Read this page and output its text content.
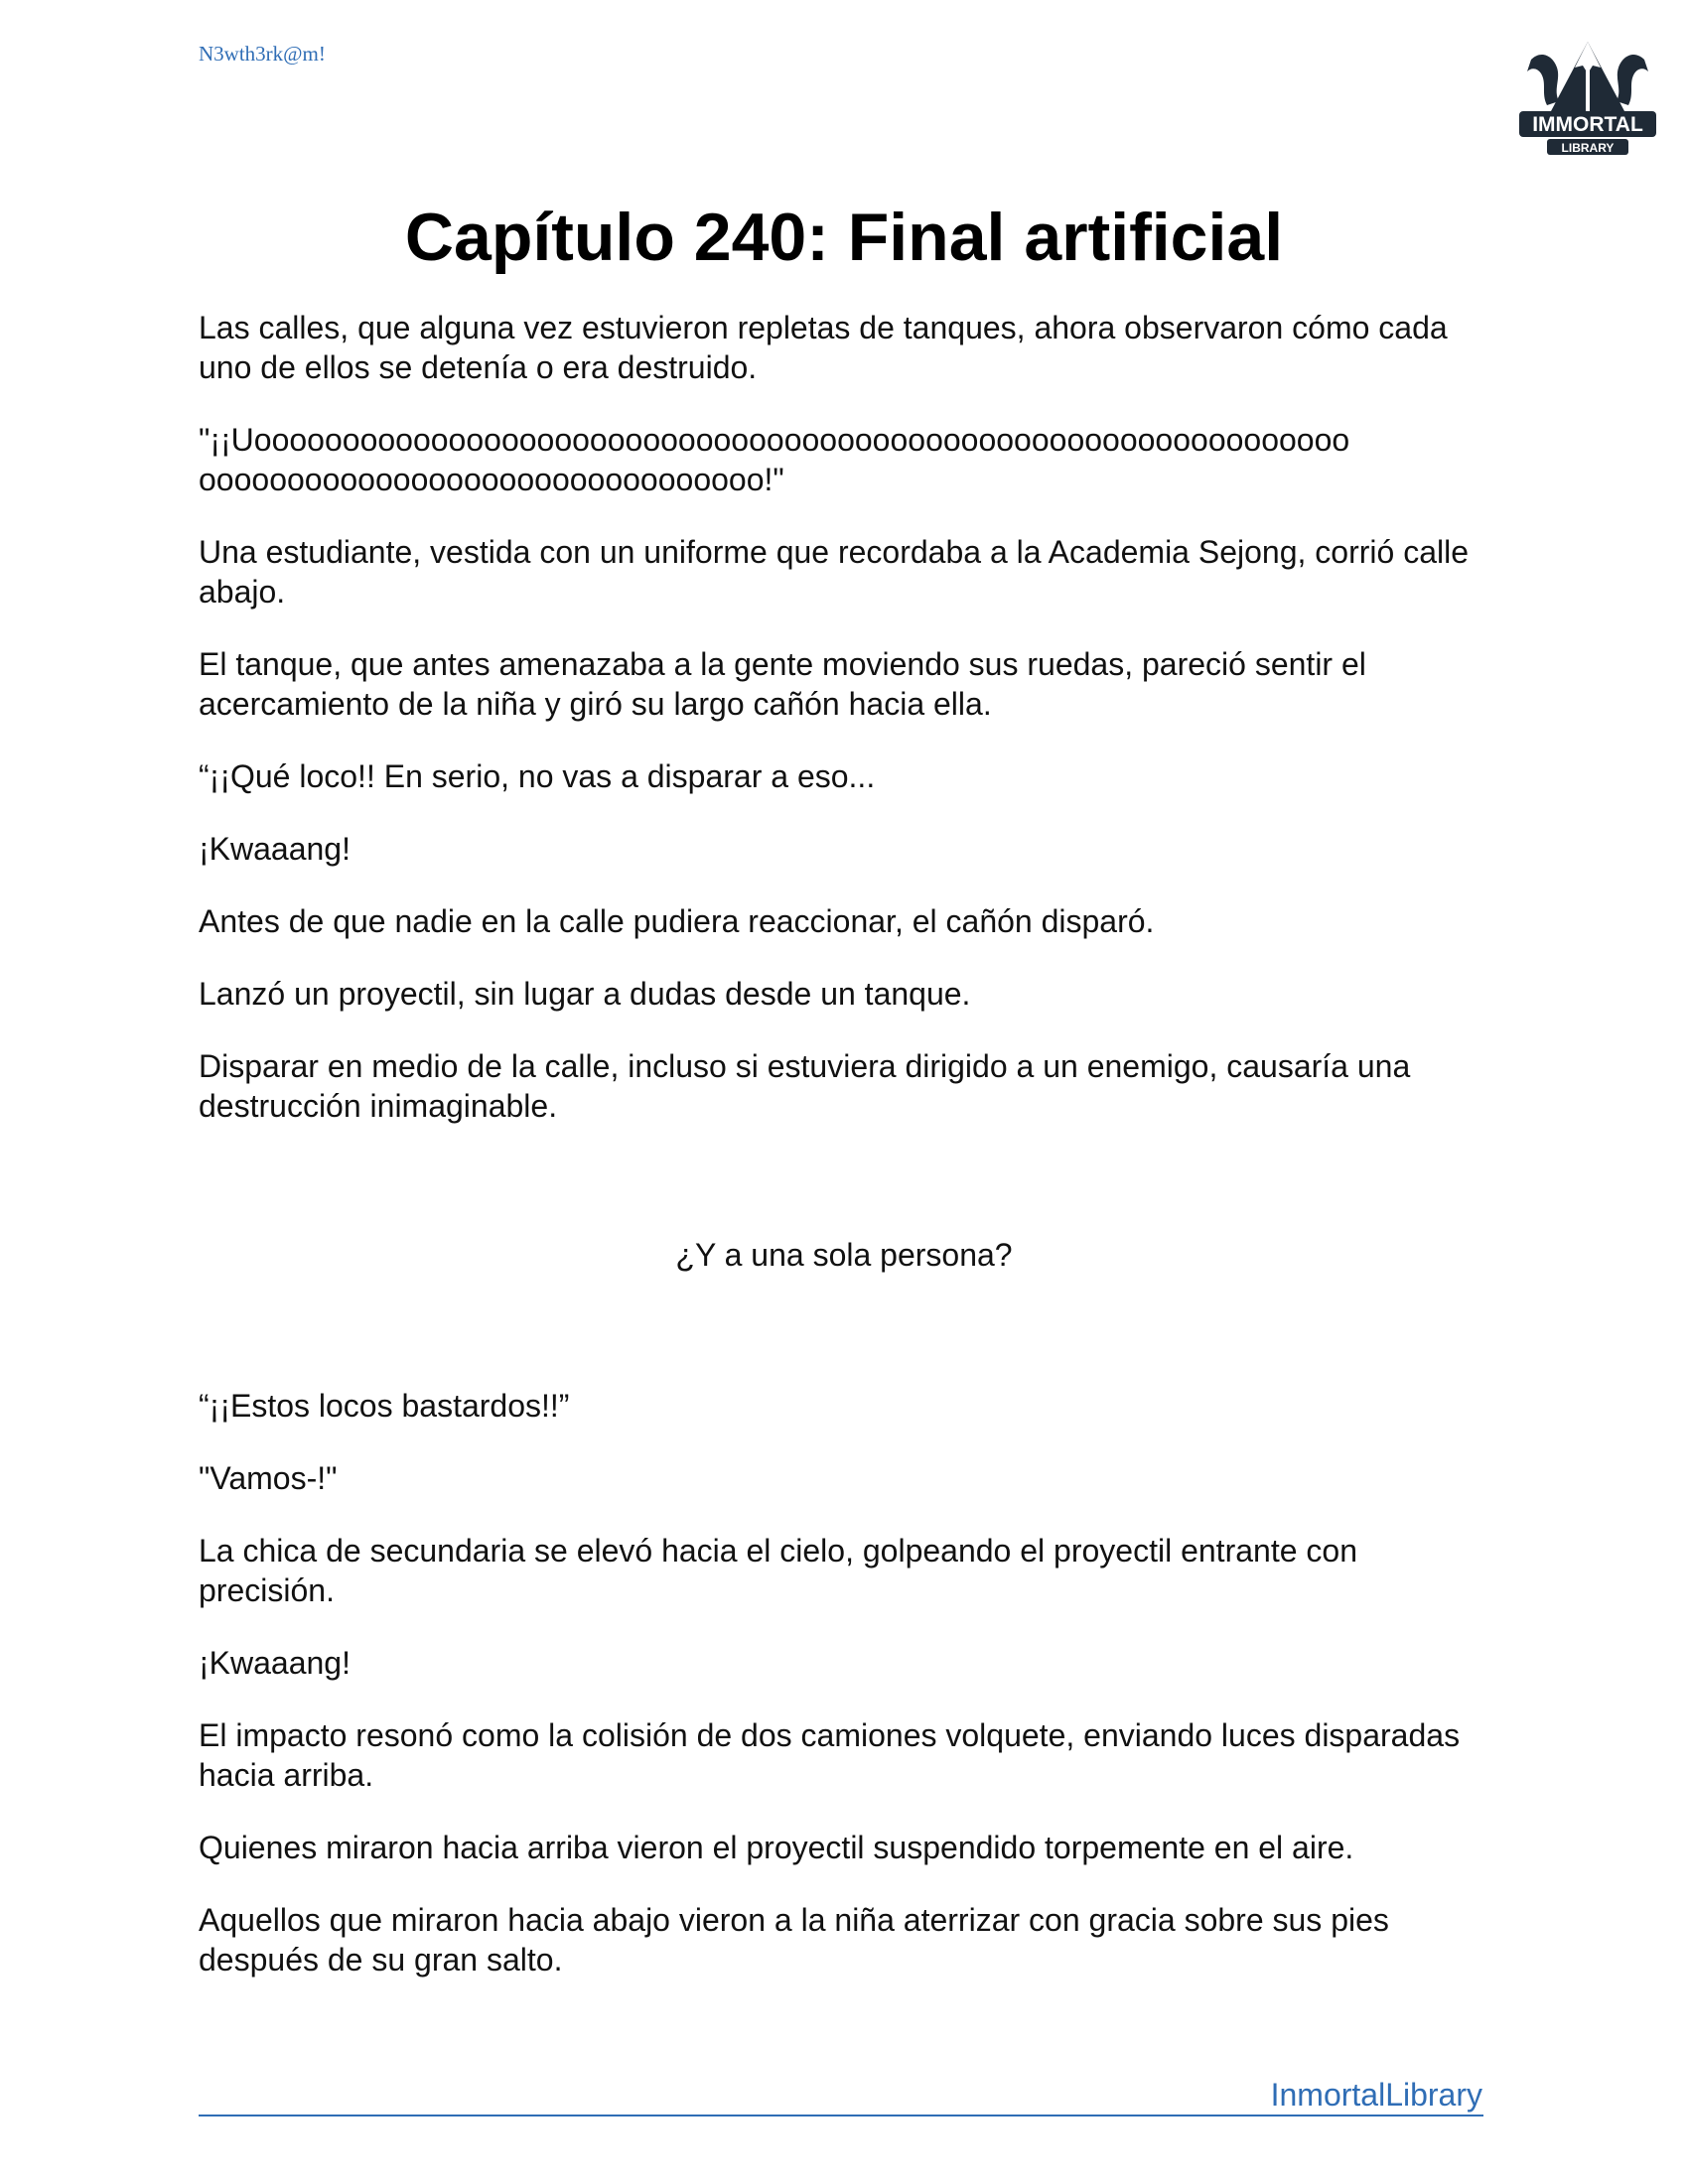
N3wth3rk@m!
IMMORTAL
LIBRARY
Capítulo 240: Final artificial

Las calles, que alguna vez estuvieron repletas de tanques, ahora observaron cómo cada uno de ellos se detenía o era destruido.

"¡¡Uoooooooooooooooooooooooooooooooooooooooooooooooooooooooooooooo oooooooooooooooooooooooooooooooo!"

Una estudiante, vestida con un uniforme que recordaba a la Academia Sejong, corrió calle abajo.

El tanque, que antes amenazaba a la gente moviendo sus ruedas, pareció sentir el acercamiento de la niña y giró su largo cañón hacia ella.

“¡¡Qué loco!! En serio, no vas a disparar a eso...

¡Kwaaang!

Antes de que nadie en la calle pudiera reaccionar, el cañón disparó.

Lanzó un proyectil, sin lugar a dudas desde un tanque.

Disparar en medio de la calle, incluso si estuviera dirigido a un enemigo, causaría una destrucción inimaginable.

¿Y a una sola persona?

“¡¡Estos locos bastardos!!”

"Vamos-!"

La chica de secundaria se elevó hacia el cielo, golpeando el proyectil entrante con precisión.

¡Kwaaang!

El impacto resonó como la colisión de dos camiones volquete, enviando luces disparadas hacia arriba.

Quienes miraron hacia arriba vieron el proyectil suspendido torpemente en el aire.

Aquellos que miraron hacia abajo vieron a la niña aterrizar con gracia sobre sus pies después de su gran salto.

InmortalLibrary
